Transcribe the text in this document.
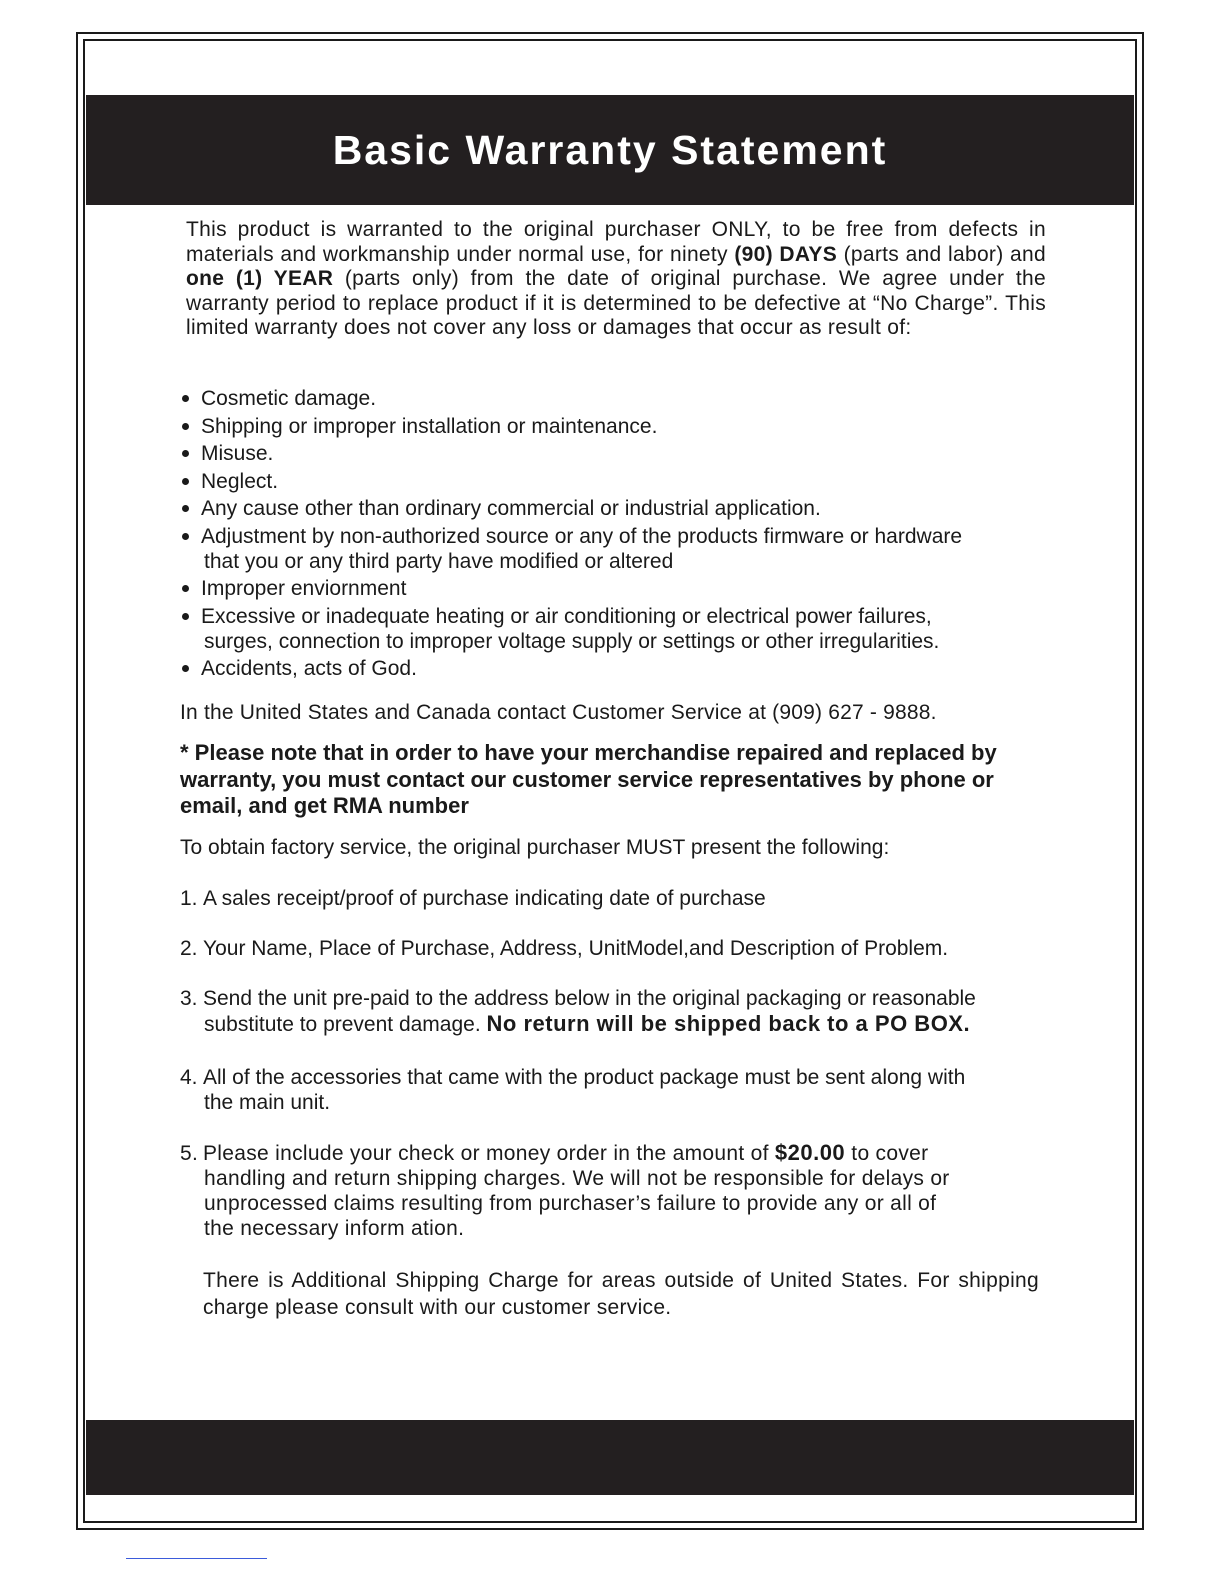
Basic Warranty Statement

This product is warranted to the original purchaser ONLY, to be free from defects in materials and workmanship under normal use, for ninety (90) DAYS (parts and labor) and one (1) YEAR (parts only) from the date of original purchase. We agree under the warranty period to replace product if it is determined to be defective at “No Charge”. This limited warranty does not cover any loss or damages that occur as result of:

Cosmetic damage.
Shipping or improper installation or maintenance.
Misuse.
Neglect.
Any cause other than ordinary commercial or industrial application.
Adjustment by non-authorized source or any of the products firmware or hardware
that you or any third party have modified or altered
Improper enviornment
Excessive or inadequate heating or air conditioning or electrical power failures,
surges, connection to improper voltage supply or settings or other irregularities.
Accidents, acts of God.

In the United States and Canada contact Customer Service at (909) 627 - 9888.

* Please note that in order to have your merchandise repaired and replaced by warranty, you must contact our customer service representatives by phone or email, and get RMA number

To obtain factory service, the original purchaser MUST present the following:

1. A sales receipt/proof of purchase indicating date of purchase

2. Your Name, Place of Purchase, Address, UnitModel,and Description of Problem.

3. Send the unit pre-paid to the address below in the original packaging or reasonable
substitute to prevent damage. No return will be shipped back to a PO BOX.

4. All of the accessories that came with the product package must be sent along with
the main unit.

5. Please include your check or money order in the amount of $20.00 to cover
handling and return shipping charges. We will not be responsible for delays or
unprocessed claims resulting from purchaser’s failure to provide any or all of
the necessary inform ation.

There is Additional Shipping Charge for areas outside of United States. For shipping charge please consult with our customer service.
